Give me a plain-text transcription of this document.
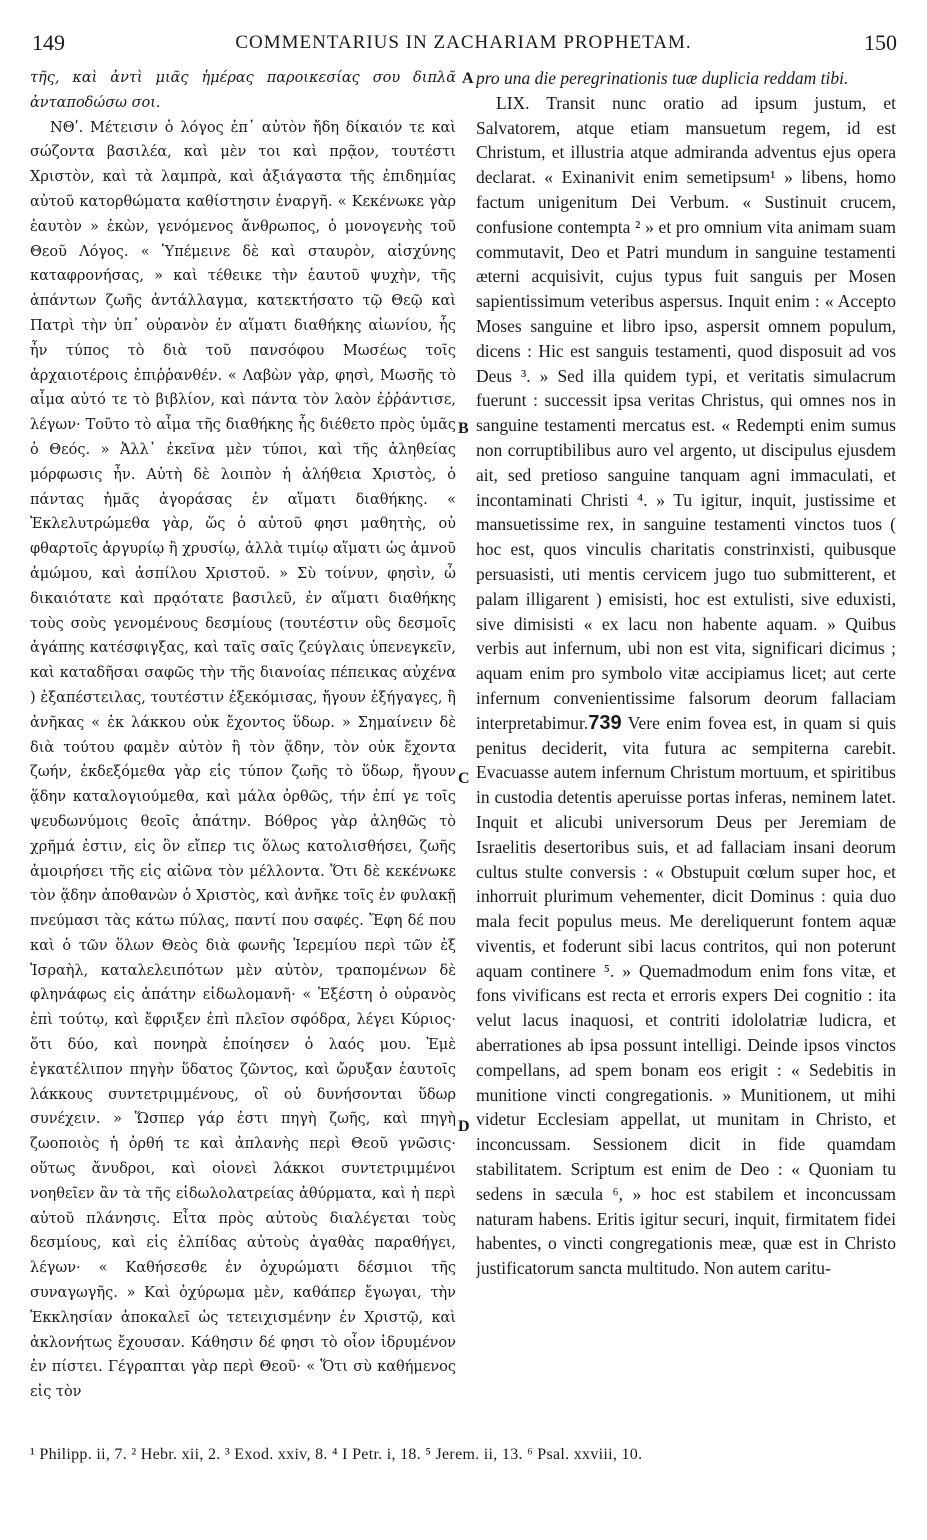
149	COMMENTARIUS IN ZACHARIAM PROPHETAM.	150
A
B
C
D

τῆς, καὶ ἀντὶ μιᾶς ἡμέρας παροικεσίας σου διπλᾶ ἀνταποδώσω σοι.

ΝΘʹ. Μέτεισιν ὁ λόγος ἐπ᾽ αὐτὸν ἤδη δίκαιόν τε καὶ σώζοντα βασιλέα, καὶ μὲν τοι καὶ πρᾷον, τουτέστι Χριστὸν, καὶ τὰ λαμπρὰ, καὶ ἀξιάγαστα τῆς ἐπιδημίας αὐτοῦ κατορθώματα καθίστησιν ἐναργῆ. « Κεκένωκε γὰρ ἑαυτὸν » ἑκὼν, γενόμενος ἄνθρωπος, ὁ μονογενὴς τοῦ Θεοῦ Λόγος. « Ὑπέμεινε δὲ καὶ σταυρὸν, αἰσχύνης καταφρονήσας, » καὶ τέθεικε τὴν ἑαυτοῦ ψυχὴν, τῆς ἁπάντων ζωῆς ἀντάλλαγμα, κατεκτήσατο τῷ Θεῷ καὶ Πατρὶ τὴν ὑπ᾽ οὐρανὸν ἐν αἵματι διαθήκης αἰωνίου, ἧς ἦν τύπος τὸ διὰ τοῦ πανσόφου Μωσέως τοῖς ἀρχαιοτέροις ἐπιῤῥανθέν. « Λαβὼν γὰρ, φησὶ, Μωσῆς τὸ αἷμα αὐτό τε τὸ βιβλίον, καὶ πάντα τὸν λαὸν ἐῤῥάντισε, λέγων· Τοῦτο τὸ αἷμα τῆς διαθήκης ἧς διέθετο πρὸς ὑμᾶς ὁ Θεός. » Ἀλλ᾽ ἐκεῖνα μὲν τύποι, καὶ τῆς ἀληθείας μόρφωσις ἦν. Αὐτὴ δὲ λοιπὸν ἡ ἀλήθεια Χριστὸς, ὁ πάντας ἡμᾶς ἀγοράσας ἐν αἵματι διαθήκης. « Ἐκλελυτρώμεθα γὰρ, ὥς ὁ αὐτοῦ φησι μαθητὴς, οὐ φθαρτοῖς ἀργυρίῳ ἢ χρυσίῳ, ἀλλὰ τιμίῳ αἵματι ὡς ἀμνοῦ ἀμώμου, καὶ ἀσπίλου Χριστοῦ. » Σὺ τοίνυν, φησὶν, ὦ δικαιότατε καὶ πρᾳότατε βασιλεῦ, ἐν αἵματι διαθήκης τοὺς σοὺς γενομένους δεσμίους (τουτέστιν οὓς δεσμοῖς ἀγάπης κατέσφιγξας, καὶ ταῖς σαῖς ζεύγλαις ὑπενεγκεῖν, καὶ καταδῆσαι σαφῶς τὴν τῆς διανοίας πέπεικας αὐχένα ) ἐξαπέστειλας, τουτέστιν ἐξεκόμισας, ἤγουν ἐξήγαγες, ἢ ἀνῆκας « ἐκ λάκκου οὐκ ἔχοντος ὕδωρ. » Σημαίνειν δὲ διὰ τούτου φαμὲν αὐτὸν ἢ τὸν ᾅδην, τὸν οὐκ ἔχοντα ζωήν, ἐκδεξόμεθα γὰρ εἰς τύπον ζωῆς τὸ ὕδωρ, ἤγουν ᾅδην καταλογιούμεθα, καὶ μάλα ὀρθῶς, τήν ἐπί γε τοῖς ψευδωνύμοις θεοῖς ἀπάτην. Βόθρος γὰρ ἀληθῶς τὸ χρῆμά ἐστιν, εἰς ὃν εἴπερ τις ὅλως κατολισθήσει, ζωῆς ἀμοιρήσει τῆς εἰς αἰῶνα τὸν μέλλοντα. Ὅτι δὲ κεκένωκε τὸν ᾅδην ἀποθανὼν ὁ Χριστὸς, καὶ ἀνῆκε τοῖς ἐν φυλακῇ πνεύμασι τὰς κάτω πύλας, παντί που σαφές. Ἔφη δέ που καὶ ὁ τῶν ὅλων Θεὸς διὰ φωνῆς Ἱερεμίου περὶ τῶν ἐξ Ἰσραὴλ, καταλελειπότων μὲν αὐτὸν, τραπομένων δὲ φληνάφως εἰς ἀπάτην εἰδωλομανῆ· « Ἐξέστη ὁ οὐρανὸς ἐπὶ τούτῳ, καὶ ἔφριξεν ἐπὶ πλεῖον σφόδρα, λέγει Κύριος· ὅτι δύο, καὶ πονηρὰ ἐποίησεν ὁ λαός μου. Ἐμὲ ἐγκατέλιπον πηγὴν ὕδατος ζῶντος, καὶ ὤρυξαν ἑαυτοῖς λάκκους συντετριμμένους, οἳ οὐ δυνήσονται ὕδωρ συνέχειν. » Ὥσπερ γάρ ἐστι πηγὴ ζωῆς, καὶ πηγὴ ζωοποιὸς ἡ ὀρθή τε καὶ ἀπλανὴς περὶ Θεοῦ γνῶσις· οὕτως ἄνυδροι, καὶ οἱονεὶ λάκκοι συντετριμμένοι νοηθεῖεν ἂν τὰ τῆς εἰδωλολατρείας ἀθύρματα, καὶ ἡ περὶ αὐτοῦ πλάνησις. Εἶτα πρὸς αὐτοὺς διαλέγεται τοὺς δεσμίους, καὶ εἰς ἐλπίδας αὐτοὺς ἀγαθὰς παραθήγει, λέγων· « Καθήσεσθε ἐν ὀχυρώματι δέσμιοι τῆς συναγωγῆς. » Καὶ ὀχύρωμα μὲν, καθάπερ ἔγωγαι, τὴν Ἐκκλησίαν ἀποκαλεῖ ὡς τετειχισμένην ἐν Χριστῷ, καὶ ἀκλονήτως ἔχουσαν. Κάθησιν δέ φησι τὸ οἷον ἱδρυμένον ἐν πίστει. Γέγραπται γὰρ περὶ Θεοῦ· « Ὅτι σὺ καθήμενος εἰς τὸν

pro una die peregrinationis tuæ duplicia reddam tibi.

LIX. Transit nunc oratio ad ipsum justum, et Salvatorem, atque etiam mansuetum regem, id est Christum, et illustria atque admiranda adventus ejus opera declarat. « Exinanivit enim semetipsum¹ » libens, homo factum unigenitum Dei Verbum. « Sustinuit crucem, confusione contempta ² » et pro omnium vita animam suam commutavit, Deo et Patri mundum in sanguine testamenti æterni acquisivit, cujus typus fuit sanguis per Mosen sapientissimum veteribus aspersus. Inquit enim : « Accepto Moses sanguine et libro ipso, aspersit omnem populum, dicens : Hic est sanguis testamenti, quod disposuit ad vos Deus ³. » Sed illa quidem typi, et veritatis simulacrum fuerunt : successit ipsa veritas Christus, qui omnes nos in sanguine testamenti mercatus est. « Redempti enim sumus non corruptibilibus auro vel argento, ut discipulus ejusdem ait, sed pretioso sanguine tanquam agni immaculati, et incontaminati Christi ⁴. » Tu igitur, inquit, justissime et mansuetissime rex, in sanguine testamenti vinctos tuos ( hoc est, quos vinculis charitatis constrinxisti, quibusque persuasisti, uti mentis cervicem jugo tuo submitterent, et palam illigarent ) emisisti, hoc est extulisti, sive eduxisti, sive dimisisti « ex lacu non habente aquam. » Quibus verbis aut infernum, ubi non est vita, significari dicimus ; aquam enim pro symbolo vitæ accipiamus licet; aut certe infernum convenientissime falsorum deorum fallaciam interpretabimur.739 Vere enim fovea est, in quam si quis penitus deciderit, vita futura ac sempiterna carebit. Evacuasse autem infernum Christum mortuum, et spiritibus in custodia detentis aperuisse portas inferas, neminem latet. Inquit et alicubi universorum Deus per Jeremiam de Israelitis desertoribus suis, et ad fallaciam insani deorum cultus stulte conversis : « Obstupuit cœlum super hoc, et inhorruit plurimum vehementer, dicit Dominus : quia duo mala fecit populus meus. Me dereliquerunt fontem aquæ viventis, et foderunt sibi lacus contritos, qui non poterunt aquam continere ⁵. » Quemadmodum enim fons vitæ, et fons vivificans est recta et erroris expers Dei cognitio : ita velut lacus inaquosi, et contriti idololatriæ ludicra, et aberrationes ab ipsa possunt intelligi. Deinde ipsos vinctos compellans, ad spem bonam eos erigit : « Sedebitis in munitione vincti congregationis. » Munitionem, ut mihi videtur Ecclesiam appellat, ut munitam in Christo, et inconcussam. Sessionem dicit in fide quamdam stabilitatem. Scriptum est enim de Deo : « Quoniam tu sedens in sæcula ⁶, » hoc est stabilem et inconcussam naturam habens. Eritis igitur securi, inquit, firmitatem fidei habentes, o vincti congregationis meæ, quæ est in Christo justificatorum sancta multitudo. Non autem caritu-

¹ Philipp. ii, 7. ² Hebr. xii, 2. ³ Exod. xxiv, 8. ⁴ I Petr. i, 18. ⁵ Jerem. ii, 13. ⁶ Psal. xxviii, 10.
